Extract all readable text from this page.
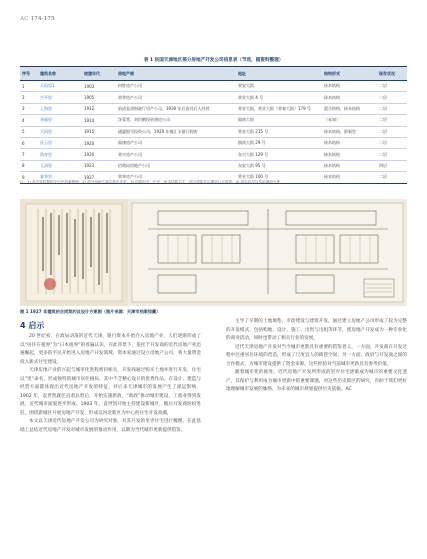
AC 174-175
表 1 民国天津地区部分房地产开发公司信息表（节选，据资料整理）
序号	建筑名称	竣建年代	房地产商	地址	结构形式	现存状况
1	天仙里1	1903	何姓房产公司	荣安大街	砖木结构	二层
2	兴平里	1905	荣华房产公司	荣业大街 4 号	砖木结构	二层
3	上海里	1912	前清直隶财政厅房产公司，1930 年后由其后人经营	荣业大街，荣业大街（荣春大街）179 号	混合结构，砖木结构	二层
4	华福里	1914	沈蓉堂、刘伯鹤投资建房公司	镇南大街	（未知）	二层
5	大同里	1915	通惠银号投资公司，1920 年被汇丰银行收购	荣业大街 215 号	砖木结构，阶新里	二层
6	庆云里	1920	福康房产公司	镇南大街 29 号	砖木结构	二层
7	荫寿里	1920	荣兴房产公司	东兴大街 129 号	砖木结构	二层
8	玉清里	1923	招商局房地产公司	东安大街 95 号	砖木结构	四层
9	春华里	1927	荣华房产公司	荣业大街 100 号	砖木结构	二层
注：1) 表中资料据相关历史档案整理；2) 部分房地产商名称有变更；3) 结构形式一栏中，砖木结构为主，部分建筑在后期进行过改建；4) 现存状况以实地调研为准。
图 1 1927 年建筑的合同契约及设计方案图（图片来源：天津市档案馆藏）
4 启示

20 世纪初，在政局动荡的近代天津，银行资本开始介入房地产业，人们逐渐形成了以“居住在租界”为“日本租界”的普遍认识，在此背景下，依托于开发商的近代房地产业迅速崛起，更多的平民开始进入房地产开发领域，资本家通过设立房地产公司，将大量资金投入新式住宅建设，

天津房地产业的兴起与城市化进程密切相关，开发商通过购买土地并进行开发，住宅以“里”命名，形成独特的城市居住格局，其中不乏精心设计的优秀作品，在设计、建造与经营方面都体现出近代房地产开发的特征，对后来天津城市的发展产生了深远影响，1902 年，袁世凯就任直隶总督后，开始实施新政，“新政”推动城市建设，工商业得到发展，近代城市面貌逐步形成。1903 年，袁世凯开始主持建设新城区，随后开发商纷纷进驻，围绕新城区开展房地产开发，形成以河北新区为中心的住宅开发高潮，

本文以天津近代房地产开发公司为研究对象，对其开发的里弄住宅进行梳理，在此基础上总结近代房地产开发对城市发展的推动作用，以期为当代城市更新提供借鉴，

主导了早期的土地填垫、市政建设与建筑开发，通过建立房地产公司形成了较为完整的开发模式，包括购地、设计、施工、出售与出租等环节，使房地产开发成为一种专业化的商业活动，同时也带动了相关行业的发展，

近代天津房地产开发对当今城市更新具有重要的借鉴意义，一方面，开发商在开发过程中注重居住环境的营造，形成了尺度宜人的街巷空间；另一方面，政府与开发商之间的合作模式，为城市建设提供了资金来源，这些经验对当前城市更新具有参考价值，

随着城市化的推进，近代房地产开发所形成的里弄住宅逐渐成为城市的重要文化遗产，其保护与利用成为城市更新中的重要课题，对这些历史街区的研究，有助于我们更好地理解城市发展的脉络，为未来的城市规划提供历史依据。AC
